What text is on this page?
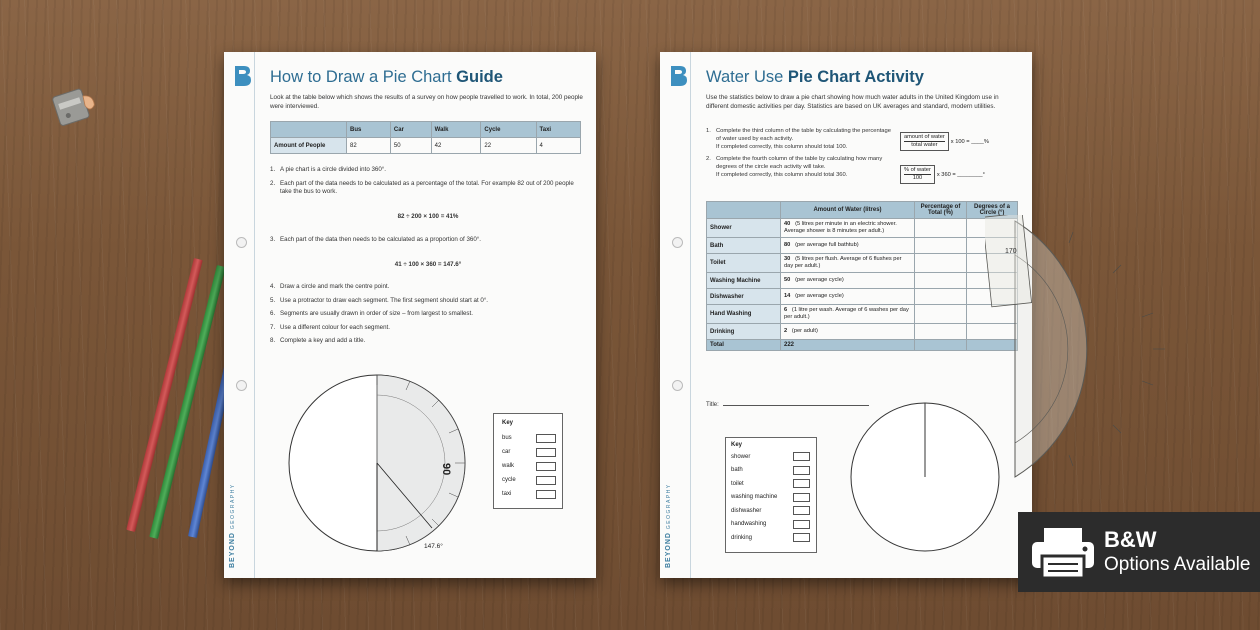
BEYOND GEOGRAPHY
How to Draw a Pie Chart Guide
Look at the table below which shows the results of a survey on how people travelled to work. In total, 200 people were interviewed.
	Bus	Car	Walk	Cycle	Taxi
Amount of People	82	50	42	22	4
1. A pie chart is a circle divided into 360°.
2. Each part of the data needs to be calculated as a percentage of the total. For example 82 out of 200 people take the bus to work.
82 ÷ 200 × 100 = 41%
3. Each part of the data then needs to be calculated as a proportion of 360°.
41 ÷ 100 × 360 = 147.6°
4. Draw a circle and mark the centre point.
5. Use a protractor to draw each segment. The first segment should start at 0°.
6. Segments are usually drawn in order of size – from largest to smallest.
7. Use a different colour for each segment.
8. Complete a key and add a title.
90
147.6°
Key
bus
car
walk
cycle
taxi
BEYOND GEOGRAPHY
Water Use Pie Chart Activity
Use the statistics below to draw a pie chart showing how much water adults in the United Kingdom use in different domestic activities per day. Statistics are based on UK averages and standard, modern utilities.
1. Complete the third column of the table by calculating the percentage of water used by each activity.
If completed correctly, this column should total 100.
2. Complete the fourth column of the table by calculating how many degrees of the circle each activity will take.
If completed correctly, this column should total 360.
amount of water
total water
x 100 = ____%
% of water
100
x 360 = ________°
	Amount of Water (litres)	Percentage of Total (%)	Degrees of a Circle (°)
Shower	40 (5 litres per minute in an electric shower. Average shower is 8 minutes per adult.)		
Bath	80 (per average full bathtub)		
Toilet	30 (5 litres per flush. Average of 6 flushes per day per adult.)		
Washing Machine	50 (per average cycle)		
Dishwasher	14 (per average cycle)		
Hand Washing	6 (1 litre per wash. Average of 6 washes per day per adult.)		
Drinking	2 (per adult)		
Total	222		
Title:
Key
shower
bath
toilet
washing machine
dishwasher
handwashing
drinking
170
B&W
Options Available
